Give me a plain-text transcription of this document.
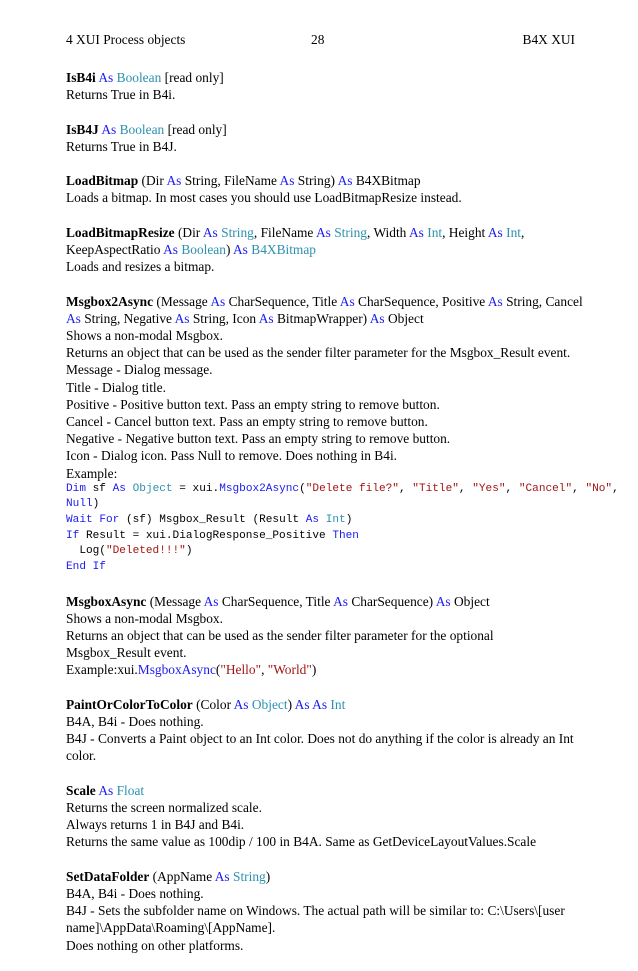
4 XUI Process objects	28	B4X XUI
IsB4i As Boolean [read only]
Returns True in B4i.
IsB4J As Boolean [read only]
Returns True in B4J.
LoadBitmap (Dir As String, FileName As String) As B4XBitmap
Loads a bitmap. In most cases you should use LoadBitmapResize instead.
LoadBitmapResize (Dir As String, FileName As String, Width As Int, Height As Int,
KeepAspectRatio As Boolean) As B4XBitmap
Loads and resizes a bitmap.
Msgbox2Async (Message As CharSequence, Title As CharSequence, Positive As String, Cancel
As String, Negative As String, Icon As BitmapWrapper) As Object
Shows a non-modal Msgbox.
Returns an object that can be used as the sender filter parameter for the Msgbox_Result event.
Message - Dialog message.
Title - Dialog title.
Positive - Positive button text. Pass an empty string to remove button.
Cancel - Cancel button text. Pass an empty string to remove button.
Negative - Negative button text. Pass an empty string to remove button.
Icon - Dialog icon. Pass Null to remove. Does nothing in B4i.
Example:
Dim sf As Object = xui.Msgbox2Async("Delete file?", "Title", "Yes", "Cancel", "No",
Null)
Wait For (sf) Msgbox_Result (Result As Int)
If Result = xui.DialogResponse_Positive Then
Log("Deleted!!!")
End If
MsgboxAsync (Message As CharSequence, Title As CharSequence) As Object
Shows a non-modal Msgbox.
Returns an object that can be used as the sender filter parameter for the optional Msgbox_Result event.
Example:xui.MsgboxAsync("Hello", "World")
PaintOrColorToColor (Color As Object) As As Int
B4A, B4i - Does nothing.
B4J - Converts a Paint object to an Int color. Does not do anything if the color is already an Int color.
Scale As Float
Returns the screen normalized scale.
Always returns 1 in B4J and B4i.
Returns the same value as 100dip / 100 in B4A. Same as GetDeviceLayoutValues.Scale
SetDataFolder (AppName As String)
B4A, B4i - Does nothing.
B4J - Sets the subfolder name on Windows. The actual path will be similar to: C:\Users\[user name]\AppData\Roaming\[AppName].
Does nothing on other platforms.
